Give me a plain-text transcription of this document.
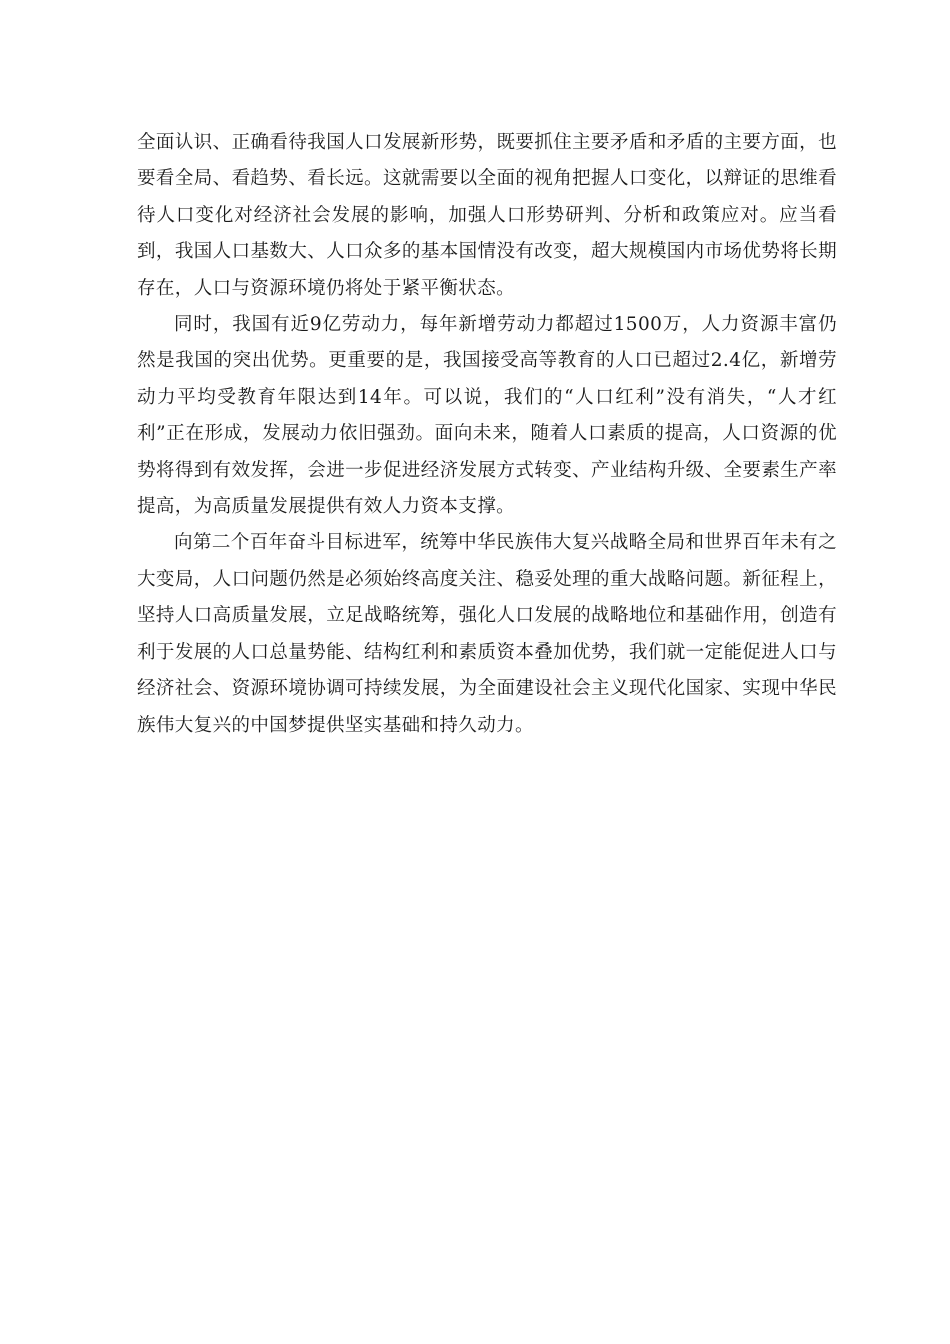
全面认识、正确看待我国人口发展新形势，既要抓住主要矛盾和矛盾的主要方面，也要看全局、看趋势、看长远。这就需要以全面的视角把握人口变化，以辩证的思维看待人口变化对经济社会发展的影响，加强人口形势研判、分析和政策应对。应当看到，我国人口基数大、人口众多的基本国情没有改变，超大规模国内市场优势将长期存在，人口与资源环境仍将处于紧平衡状态。

同时，我国有近9亿劳动力，每年新增劳动力都超过1500万，人力资源丰富仍然是我国的突出优势。更重要的是，我国接受高等教育的人口已超过2.4亿，新增劳动力平均受教育年限达到14年。可以说，我们的“人口红利”没有消失，“人才红利”正在形成，发展动力依旧强劲。面向未来，随着人口素质的提高，人口资源的优势将得到有效发挥，会进一步促进经济发展方式转变、产业结构升级、全要素生产率提高，为高质量发展提供有效人力资本支撑。

向第二个百年奋斗目标进军，统筹中华民族伟大复兴战略全局和世界百年未有之大变局，人口问题仍然是必须始终高度关注、稳妥处理的重大战略问题。新征程上，坚持人口高质量发展，立足战略统筹，强化人口发展的战略地位和基础作用，创造有利于发展的人口总量势能、结构红利和素质资本叠加优势，我们就一定能促进人口与经济社会、资源环境协调可持续发展，为全面建设社会主义现代化国家、实现中华民族伟大复兴的中国梦提供坚实基础和持久动力。
